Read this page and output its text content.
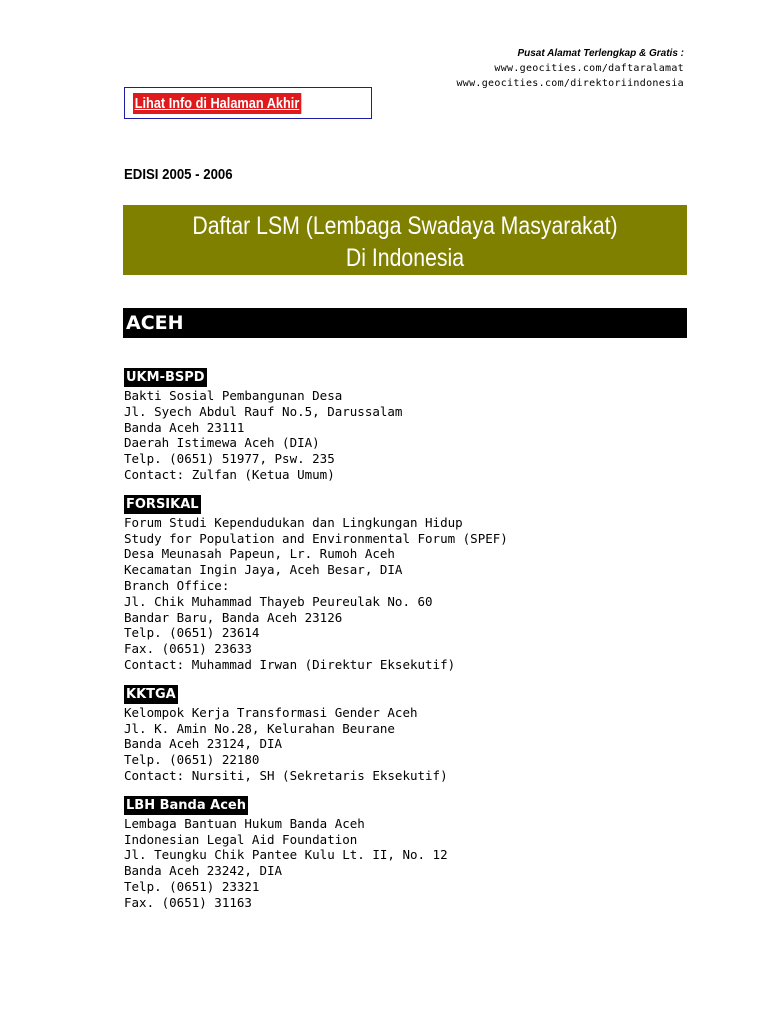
Pusat Alamat Terlengkap & Gratis :
www.geocities.com/daftaralamat
www.geocities.com/direktoriindonesia
Lihat Info di Halaman Akhir
EDISI 2005 - 2006
Daftar LSM (Lembaga Swadaya Masyarakat)
Di Indonesia
ACEH
UKM-BSPD
Bakti Sosial Pembangunan Desa
Jl. Syech Abdul Rauf No.5, Darussalam
Banda Aceh 23111
Daerah Istimewa Aceh (DIA)
Telp. (0651) 51977, Psw. 235
Contact: Zulfan (Ketua Umum)
FORSIKAL
Forum Studi Kependudukan dan Lingkungan Hidup
Study for Population and Environmental Forum (SPEF)
Desa Meunasah Papeun, Lr. Rumoh Aceh
Kecamatan Ingin Jaya, Aceh Besar, DIA
Branch Office:
Jl. Chik Muhammad Thayeb Peureulak No. 60
Bandar Baru, Banda Aceh 23126
Telp. (0651) 23614
Fax. (0651) 23633
Contact: Muhammad Irwan (Direktur Eksekutif)
KKTGA
Kelompok Kerja Transformasi Gender Aceh
Jl. K. Amin No.28, Kelurahan Beurane
Banda Aceh 23124, DIA
Telp. (0651) 22180
Contact: Nursiti, SH (Sekretaris Eksekutif)
LBH Banda Aceh
Lembaga Bantuan Hukum Banda Aceh
Indonesian Legal Aid Foundation
Jl. Teungku Chik Pantee Kulu Lt. II, No. 12
Banda Aceh 23242, DIA
Telp. (0651) 23321
Fax. (0651) 31163
